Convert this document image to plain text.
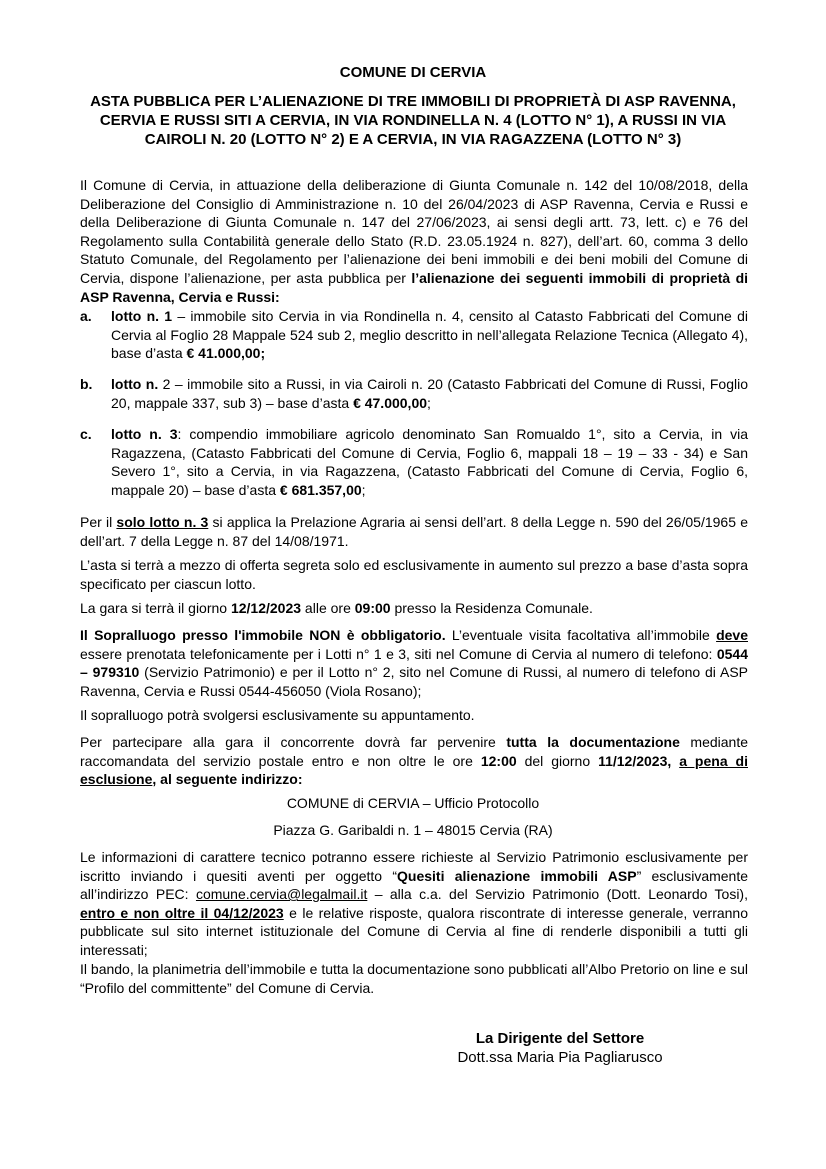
COMUNE DI CERVIA
ASTA PUBBLICA PER L’ALIENAZIONE DI TRE IMMOBILI DI PROPRIETÀ DI ASP RAVENNA, CERVIA E RUSSI SITI A CERVIA, IN VIA RONDINELLA N. 4 (LOTTO N° 1), A RUSSI IN VIA CAIROLI N. 20 (LOTTO N° 2) E A CERVIA, IN VIA RAGAZZENA (LOTTO N° 3)
Il Comune di Cervia, in attuazione della deliberazione di Giunta Comunale n. 142 del 10/08/2018, della Deliberazione del Consiglio di Amministrazione n. 10 del 26/04/2023 di ASP Ravenna, Cervia e Russi e della Deliberazione di Giunta Comunale n. 147 del 27/06/2023, ai sensi degli artt. 73, lett. c) e 76 del Regolamento sulla Contabilità generale dello Stato (R.D. 23.05.1924 n. 827), dell’art. 60, comma 3 dello Statuto Comunale, del Regolamento per l’alienazione dei beni immobili e dei beni mobili del Comune di Cervia, dispone l’alienazione, per asta pubblica per l’alienazione dei seguenti immobili di proprietà di ASP Ravenna, Cervia e Russi:
a. lotto n. 1 – immobile sito Cervia in via Rondinella n. 4, censito al Catasto Fabbricati del Comune di Cervia al Foglio 28 Mappale 524 sub 2, meglio descritto in nell’allegata Relazione Tecnica (Allegato 4), base d’asta € 41.000,00;
b. lotto n. 2 – immobile sito a Russi, in via Cairoli n. 20 (Catasto Fabbricati del Comune di Russi, Foglio 20, mappale 337, sub 3) – base d’asta € 47.000,00;
c. lotto n. 3: compendio immobiliare agricolo denominato San Romualdo 1°, sito a Cervia, in via Ragazzena, (Catasto Fabbricati del Comune di Cervia, Foglio 6, mappali 18 – 19 – 33 - 34) e San Severo 1°, sito a Cervia, in via Ragazzena, (Catasto Fabbricati del Comune di Cervia, Foglio 6, mappale 20) – base d’asta € 681.357,00;
Per il solo lotto n. 3 si applica la Prelazione Agraria ai sensi dell’art. 8 della Legge n. 590 del 26/05/1965 e dell’art. 7 della Legge n. 87 del 14/08/1971.
L’asta si terrà a mezzo di offerta segreta solo ed esclusivamente in aumento sul prezzo a base d’asta sopra specificato per ciascun lotto.
La gara si terrà il giorno 12/12/2023 alle ore 09:00 presso la Residenza Comunale.
Il Sopralluogo presso l'immobile NON è obbligatorio. L’eventuale visita facoltativa all’immobile deve essere prenotata telefonicamente per i Lotti n° 1 e 3, siti nel Comune di Cervia al numero di telefono: 0544 – 979310 (Servizio Patrimonio) e per il Lotto n° 2, sito nel Comune di Russi, al numero di telefono di ASP Ravenna, Cervia e Russi 0544-456050 (Viola Rosano);
Il sopralluogo potrà svolgersi esclusivamente su appuntamento.
Per partecipare alla gara il concorrente dovrà far pervenire tutta la documentazione mediante raccomandata del servizio postale entro e non oltre le ore 12:00 del giorno 11/12/2023, a pena di esclusione, al seguente indirizzo:
COMUNE di CERVIA – Ufficio Protocollo
Piazza G. Garibaldi n. 1 – 48015 Cervia (RA)
Le informazioni di carattere tecnico potranno essere richieste al Servizio Patrimonio esclusivamente per iscritto inviando i quesiti aventi per oggetto “Quesiti alienazione immobili ASP” esclusivamente all’indirizzo PEC: comune.cervia@legalmail.it – alla c.a. del Servizio Patrimonio (Dott. Leonardo Tosi), entro e non oltre il 04/12/2023 e le relative risposte, qualora riscontrate di interesse generale, verranno pubblicate sul sito internet istituzionale del Comune di Cervia al fine di renderle disponibili a tutti gli interessati;
Il bando, la planimetria dell’immobile e tutta la documentazione sono pubblicati all’Albo Pretorio on line e sul “Profilo del committente” del Comune di Cervia.
La Dirigente del Settore
Dott.ssa Maria Pia Pagliarusco
